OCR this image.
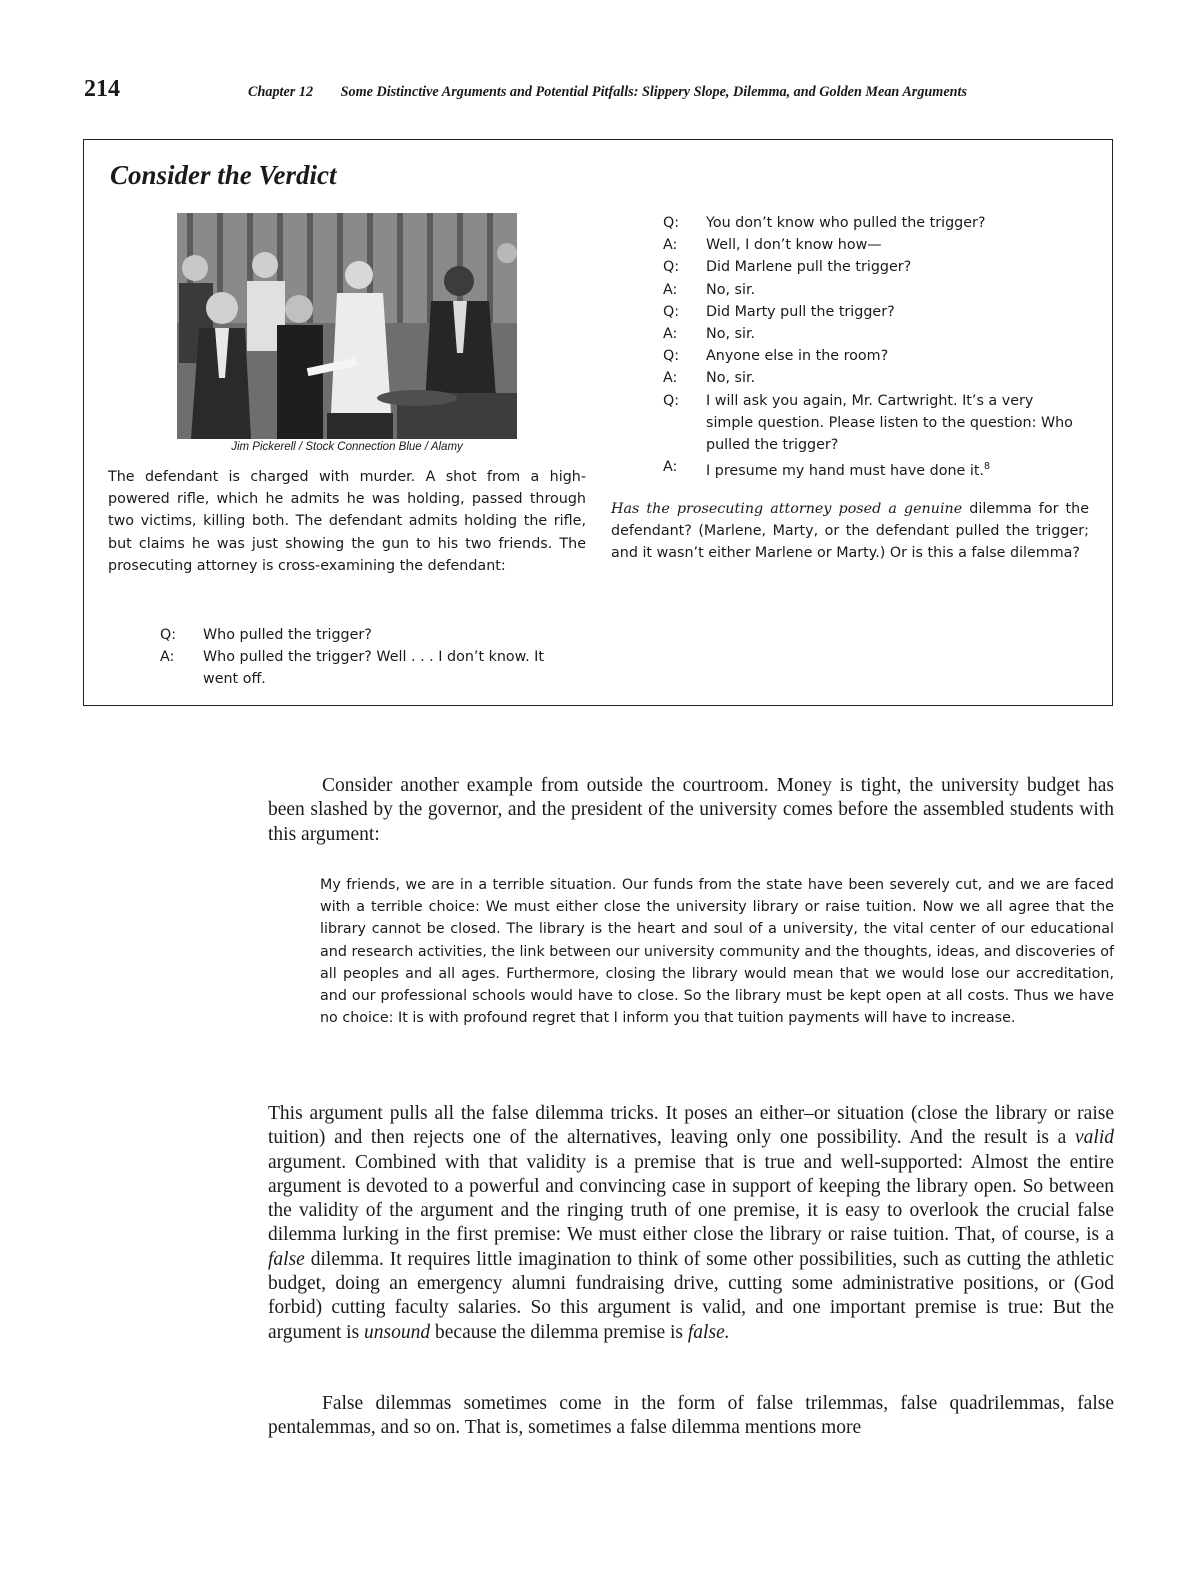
214	Chapter 12 Some Distinctive Arguments and Potential Pitfalls: Slippery Slope, Dilemma, and Golden Mean Arguments
Consider the Verdict
Jim Pickerell / Stock Connection Blue / Alamy
The defendant is charged with murder. A shot from a high-powered rifle, which he admits he was holding, passed through two victims, killing both. The defendant admits holding the rifle, but claims he was just showing the gun to his two friends. The prosecuting attorney is cross-examining the defendant:
Q:	Who pulled the trigger?
A:	Who pulled the trigger? Well . . . I don’t know. It went off.
Q:	You don’t know who pulled the trigger?
A:	Well, I don’t know how—
Q:	Did Marlene pull the trigger?
A:	No, sir.
Q:	Did Marty pull the trigger?
A:	No, sir.
Q:	Anyone else in the room?
A:	No, sir.
Q:	I will ask you again, Mr. Cartwright. It’s a very simple question. Please listen to the question: Who pulled the trigger?
A:	I presume my hand must have done it.$^8$
Has the prosecuting attorney posed a genuine dilemma for the defendant? (Marlene, Marty, or the defendant pulled the trigger; and it wasn’t either Marlene or Marty.) Or is this a false dilemma?
Consider another example from outside the courtroom. Money is tight, the university budget has been slashed by the governor, and the president of the university comes before the assembled students with this argument:
My friends, we are in a terrible situation. Our funds from the state have been severely cut, and we are faced with a terrible choice: We must either close the university library or raise tuition. Now we all agree that the library cannot be closed. The library is the heart and soul of a university, the vital center of our educational and research activities, the link between our university community and the thoughts, ideas, and discoveries of all peoples and all ages. Furthermore, closing the library would mean that we would lose our accreditation, and our professional schools would have to close. So the library must be kept open at all costs. Thus we have no choice: It is with profound regret that I inform you that tuition payments will have to increase.
This argument pulls all the false dilemma tricks. It poses an either–or situation (close the library or raise tuition) and then rejects one of the alternatives, leaving only one possibility. And the result is a valid argument. Combined with that validity is a premise that is true and well-supported: Almost the entire argument is devoted to a powerful and convincing case in support of keeping the library open. So between the validity of the argument and the ringing truth of one premise, it is easy to overlook the crucial false dilemma lurking in the first premise: We must either close the library or raise tuition. That, of course, is a false dilemma. It requires little imagination to think of some other possibilities, such as cutting the athletic budget, doing an emergency alumni fundraising drive, cutting some administrative positions, or (God forbid) cutting faculty salaries. So this argument is valid, and one important premise is true: But the argument is unsound because the dilemma premise is false.
False dilemmas sometimes come in the form of false trilemmas, false quadrilemmas, false pentalemmas, and so on. That is, sometimes a false dilemma mentions more
